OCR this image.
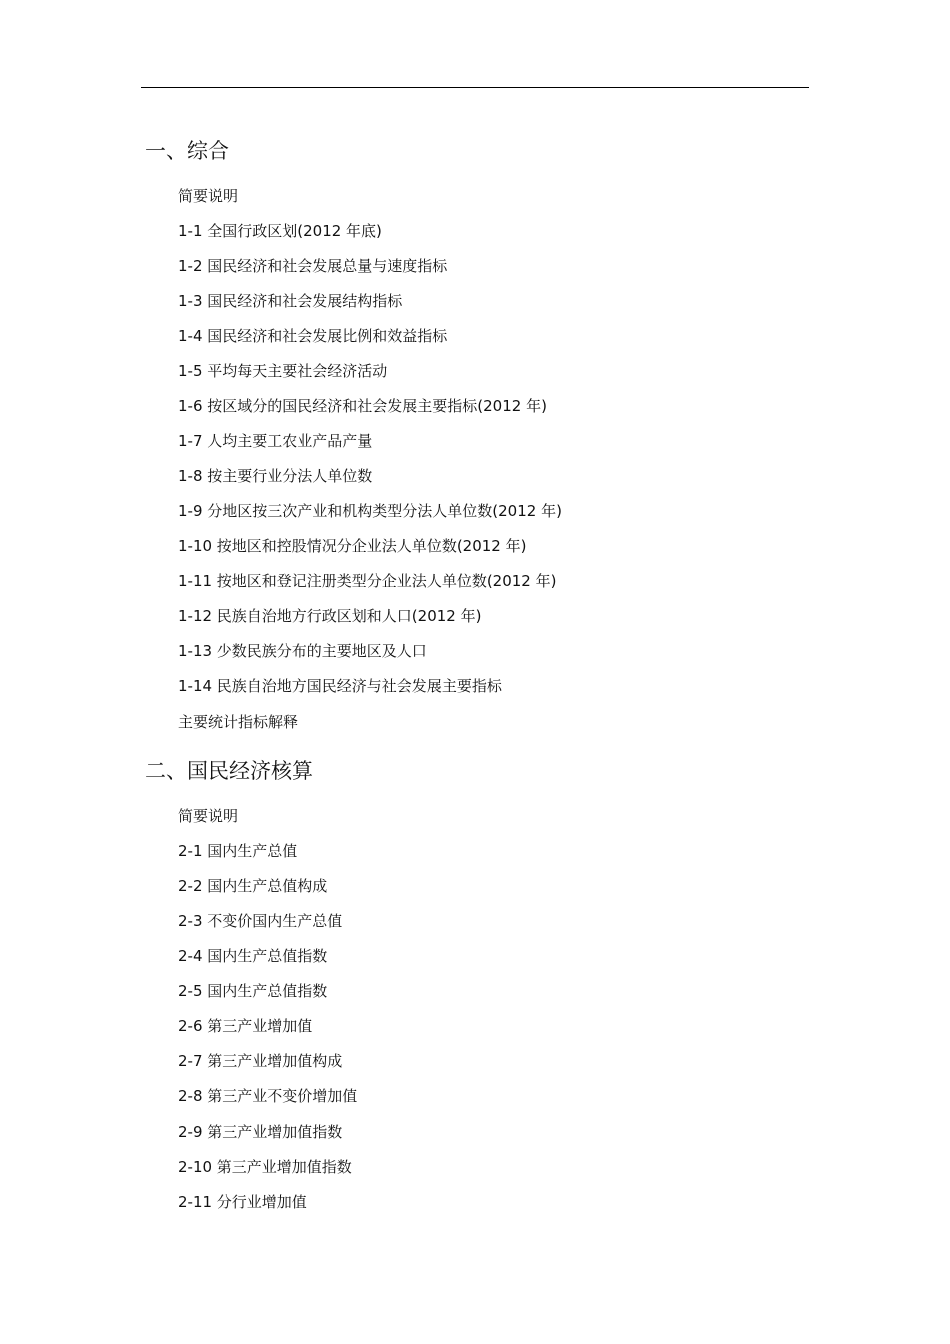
一、综合
简要说明
1-1 全国行政区划(2012 年底)
1-2 国民经济和社会发展总量与速度指标
1-3 国民经济和社会发展结构指标
1-4 国民经济和社会发展比例和效益指标
1-5 平均每天主要社会经济活动
1-6 按区域分的国民经济和社会发展主要指标(2012 年)
1-7 人均主要工农业产品产量
1-8 按主要行业分法人单位数
1-9 分地区按三次产业和机构类型分法人单位数(2012 年)
1-10 按地区和控股情况分企业法人单位数(2012 年)
1-11 按地区和登记注册类型分企业法人单位数(2012 年)
1-12 民族自治地方行政区划和人口(2012 年)
1-13 少数民族分布的主要地区及人口
1-14 民族自治地方国民经济与社会发展主要指标
主要统计指标解释
二、国民经济核算
简要说明
2-1 国内生产总值
2-2 国内生产总值构成
2-3 不变价国内生产总值
2-4 国内生产总值指数
2-5 国内生产总值指数
2-6 第三产业增加值
2-7 第三产业增加值构成
2-8 第三产业不变价增加值
2-9 第三产业增加值指数
2-10 第三产业增加值指数
2-11 分行业增加值
